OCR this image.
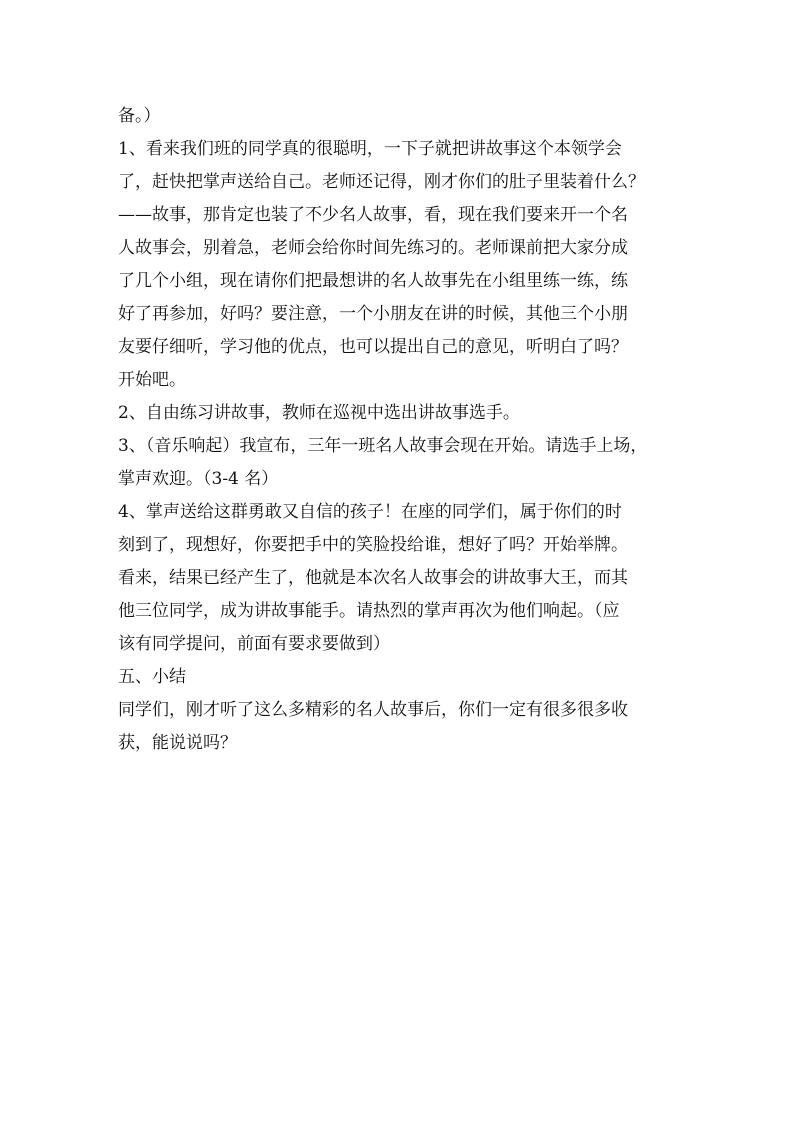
备。）

1、看来我们班的同学真的很聪明，一下子就把讲故事这个本领学会
了，赶快把掌声送给自己。老师还记得，刚才你们的肚子里装着什么？
——故事，那肯定也装了不少名人故事，看，现在我们要来开一个名
人故事会，别着急，老师会给你时间先练习的。老师课前把大家分成
了几个小组，现在请你们把最想讲的名人故事先在小组里练一练，练
好了再参加，好吗？要注意，一个小朋友在讲的时候，其他三个小朋
友要仔细听，学习他的优点，也可以提出自己的意见，听明白了吗？
开始吧。

2、自由练习讲故事，教师在巡视中选出讲故事选手。

3、（音乐响起）我宣布，三年一班名人故事会现在开始。请选手上场，
掌声欢迎。（3-4 名）

4、掌声送给这群勇敢又自信的孩子！在座的同学们，属于你们的时
刻到了，现想好，你要把手中的笑脸投给谁，想好了吗？开始举牌。
看来，结果已经产生了，他就是本次名人故事会的讲故事大王，而其
他三位同学，成为讲故事能手。请热烈的掌声再次为他们响起。（应
该有同学提问，前面有要求要做到）

五、小结

同学们，刚才听了这么多精彩的名人故事后，你们一定有很多很多收
获，能说说吗？
